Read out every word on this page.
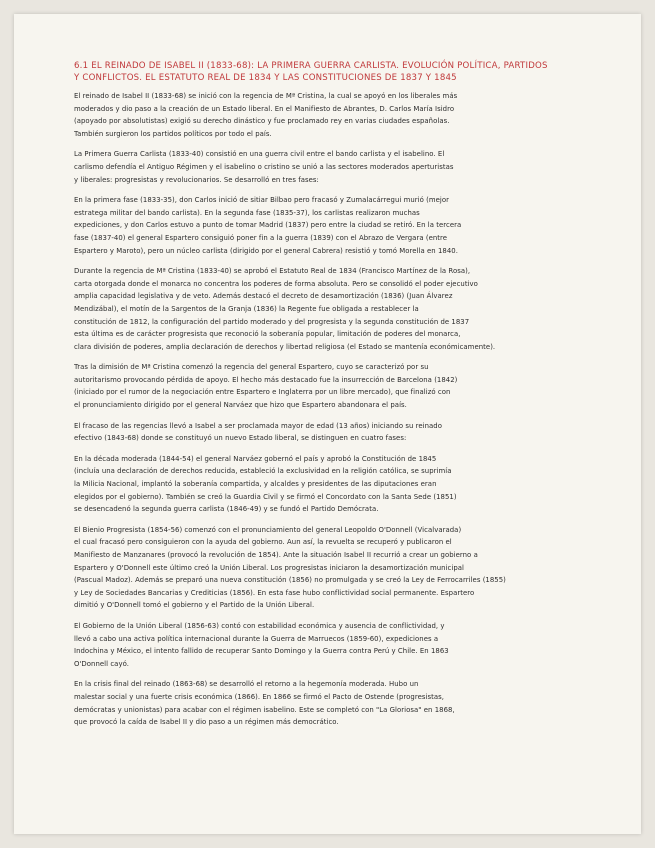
6.1 EL REINADO DE ISABEL II (1833-68): LA PRIMERA GUERRA CARLISTA. EVOLUCIÓN POLÍTICA, PARTIDOS
Y CONFLICTOS. EL ESTATUTO REAL DE 1834 Y LAS CONSTITUCIONES DE 1837 Y 1845
El reinado de Isabel II (1833-68) se inició con la regencia de Mª Cristina, la cual se apoyó en los liberales más
moderados y dio paso a la creación de un Estado liberal. En el Manifiesto de Abrantes, D. Carlos María Isidro
(apoyado por absolutistas) exigió su derecho dinástico y fue proclamado rey en varias ciudades españolas.
También surgieron los partidos políticos por todo el país.
La Primera Guerra Carlista (1833-40) consistió en una guerra civil entre el bando carlista y el isabelino. El
carlismo defendía el Antiguo Régimen y el isabelino o cristino se unió a las sectores moderados aperturistas
y liberales: progresistas y revolucionarios. Se desarrolló en tres fases:
En la primera fase (1833-35), don Carlos inició de sitiar Bilbao pero fracasó y Zumalacárregui murió (mejor
estratega militar del bando carlista). En la segunda fase (1835-37), los carlistas realizaron muchas
expediciones, y don Carlos estuvo a punto de tomar Madrid (1837) pero entre la ciudad se retiró. En la tercera
fase (1837-40) el general Espartero consiguió poner fin a la guerra (1839) con el Abrazo de Vergara (entre
Espartero y Maroto), pero un núcleo carlista (dirigido por el general Cabrera) resistió y tomó Morella en 1840.
Durante la regencia de Mª Cristina (1833-40) se aprobó el Estatuto Real de 1834 (Francisco Martínez de la Rosa),
carta otorgada donde el monarca no concentra los poderes de forma absoluta. Pero se consolidó el poder ejecutivo
amplia capacidad legislativa y de veto. Además destacó el decreto de desamortización (1836) (Juan Álvarez
Mendizábal), el motín de la Sargentos de la Granja (1836) la Regente fue obligada a restablecer la
constitución de 1812, la configuración del partido moderado y del progresista y la segunda constitución de 1837
esta última es de carácter progresista que reconoció la soberanía popular, limitación de poderes del monarca,
clara división de poderes, amplia declaración de derechos y libertad religiosa (el Estado se mantenía económicamente).
Tras la dimisión de Mª Cristina comenzó la regencia del general Espartero, cuyo se caracterizó por su
autoritarismo provocando pérdida de apoyo. El hecho más destacado fue la insurrección de Barcelona (1842)
(iniciado por el rumor de la negociación entre Espartero e Inglaterra por un libre mercado), que finalizó con
el pronunciamiento dirigido por el general Narváez que hizo que Espartero abandonara el país.
El fracaso de las regencias llevó a Isabel a ser proclamada mayor de edad (13 años) iniciando su reinado
efectivo (1843-68) donde se constituyó un nuevo Estado liberal, se distinguen en cuatro fases:
En la década moderada (1844-54) el general Narváez gobernó el país y aprobó la Constitución de 1845
(incluía una declaración de derechos reducida, estableció la exclusividad en la religión católica, se suprimía
la Milicia Nacional, implantó la soberanía compartida, y alcaldes y presidentes de las diputaciones eran
elegidos por el gobierno). También se creó la Guardia Civil y se firmó el Concordato con la Santa Sede (1851)
se desencadenó la segunda guerra carlista (1846-49) y se fundó el Partido Demócrata.
El Bienio Progresista (1854-56) comenzó con el pronunciamiento del general Leopoldo O'Donnell (Vicalvarada)
el cual fracasó pero consiguieron con la ayuda del gobierno. Aun así, la revuelta se recuperó y publicaron el
Manifiesto de Manzanares (provocó la revolución de 1854). Ante la situación Isabel II recurrió a crear un gobierno a
Espartero y O'Donnell este último creó la Unión Liberal. Los progresistas iniciaron la desamortización municipal
(Pascual Madoz). Además se preparó una nueva constitución (1856) no promulgada y se creó la Ley de Ferrocarriles (1855)
y Ley de Sociedades Bancarias y Crediticias (1856). En esta fase hubo conflictividad social permanente. Espartero
dimitió y O'Donnell tomó el gobierno y el Partido de la Unión Liberal.
El Gobierno de la Unión Liberal (1856-63) contó con estabilidad económica y ausencia de conflictividad, y
llevó a cabo una activa política internacional durante la Guerra de Marruecos (1859-60), expediciones a
Indochina y México, el intento fallido de recuperar Santo Domingo y la Guerra contra Perú y Chile. En 1863
O'Donnell cayó.
En la crisis final del reinado (1863-68) se desarrolló el retorno a la hegemonía moderada. Hubo un
malestar social y una fuerte crisis económica (1866). En 1866 se firmó el Pacto de Ostende (progresistas,
demócratas y unionistas) para acabar con el régimen isabelino. Este se completó con "La Gloriosa" en 1868,
que provocó la caída de Isabel II y dio paso a un régimen más democrático.
